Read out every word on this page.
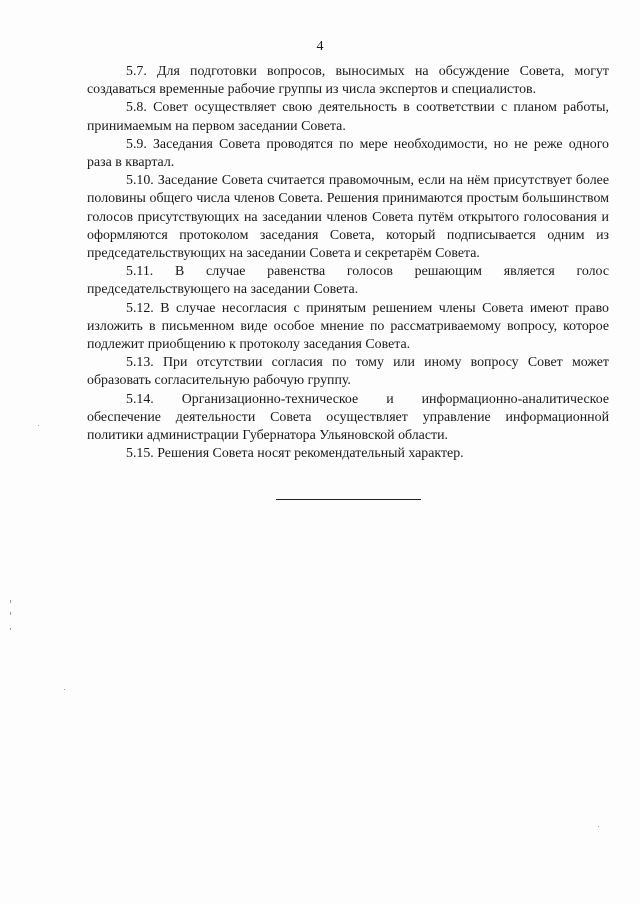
4

5.7. Для подготовки вопросов, выносимых на обсуждение Совета, могут создаваться временные рабочие группы из числа экспертов и специалистов.

5.8. Совет осуществляет свою деятельность в соответствии с планом работы, принимаемым на первом заседании Совета.

5.9. Заседания Совета проводятся по мере необходимости, но не реже одного раза в квартал.

5.10. Заседание Совета считается правомочным, если на нём присутствует более половины общего числа членов Совета. Решения принимаются простым большинством голосов присутствующих на заседании членов Совета путём открытого голосования и оформляются протоколом заседания Совета, который подписывается одним из председательствующих на заседании Совета и секретарём Совета.

5.11. В случае равенства голосов решающим является голос председательствующего на заседании Совета.

5.12. В случае несогласия с принятым решением члены Совета имеют право изложить в письменном виде особое мнение по рассматриваемому вопросу, которое подлежит приобщению к протоколу заседания Совета.

5.13. При отсутствии согласия по тому или иному вопросу Совет может образовать согласительную рабочую группу.

5.14. Организационно-техническое и информационно-аналитическое обеспечение деятельности Совета осуществляет управление информационной политики администрации Губернатора Ульяновской области.

5.15. Решения Совета носят рекомендательный характер.
